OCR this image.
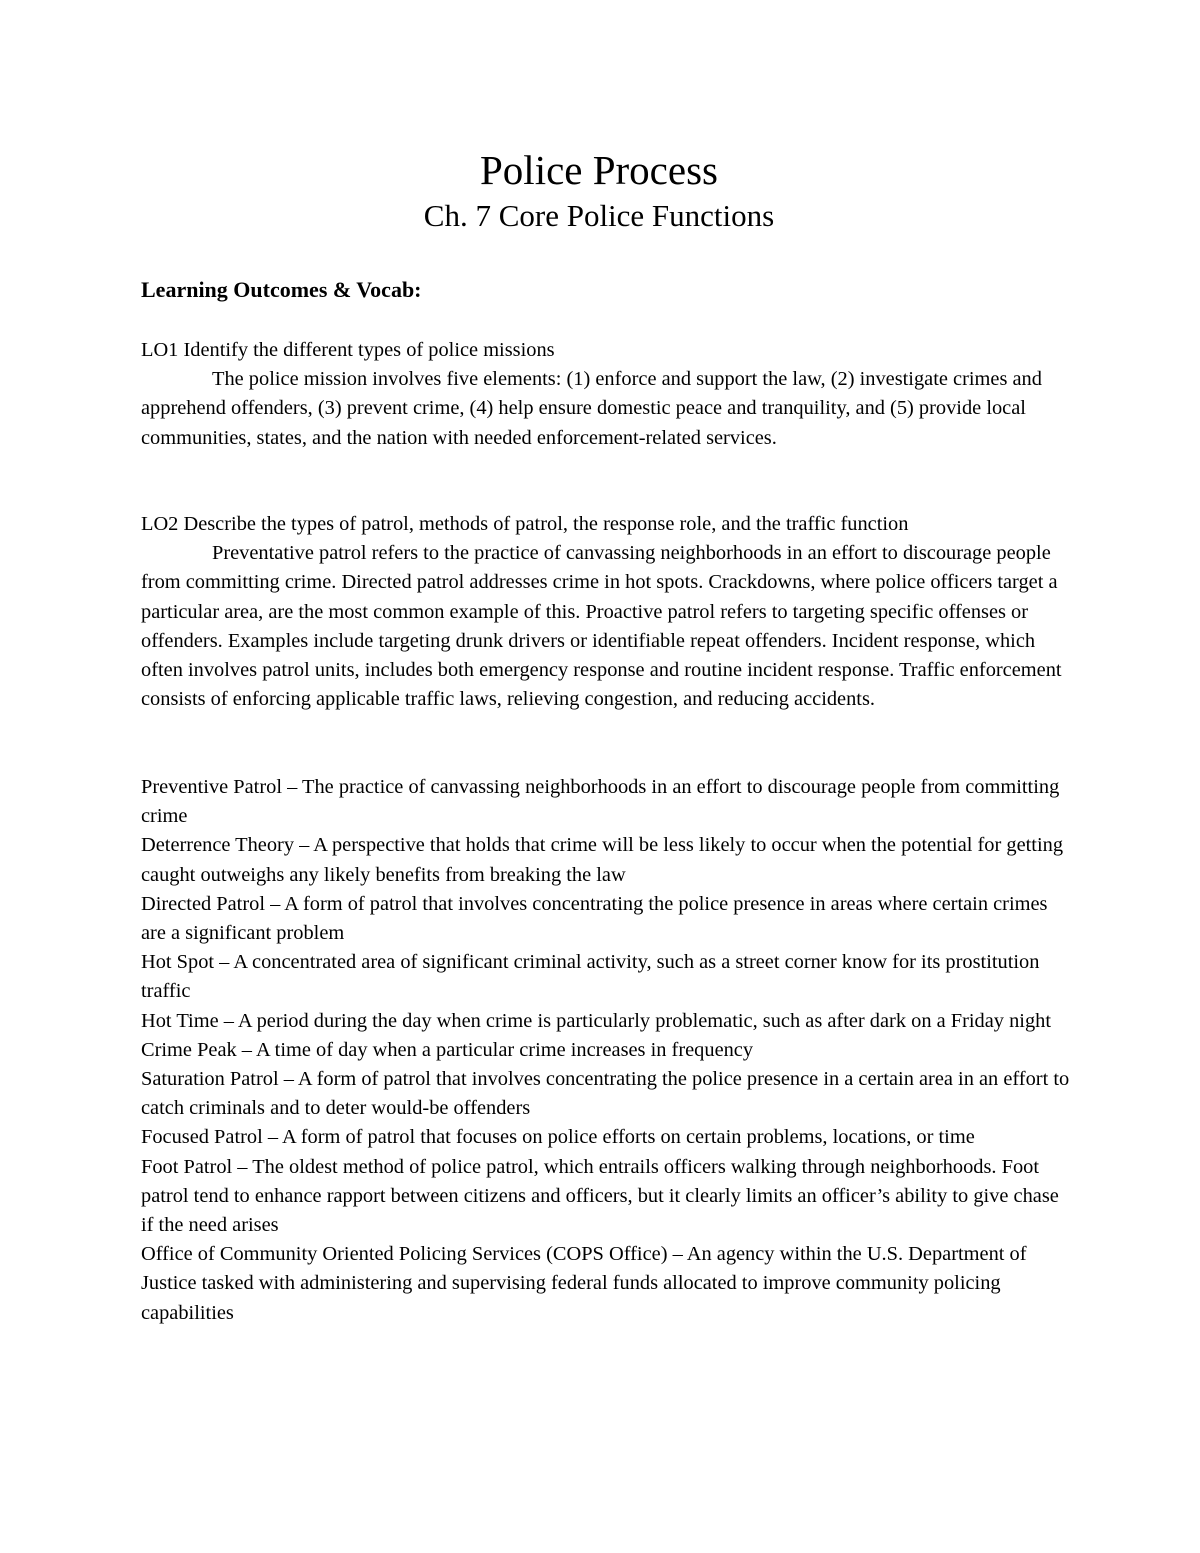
Police Process
Ch. 7 Core Police Functions
Learning Outcomes & Vocab:

LO1 Identify the different types of police missions

The police mission involves five elements: (1) enforce and support the law, (2) investigate crimes and apprehend offenders, (3) prevent crime, (4) help ensure domestic peace and tranquility, and (5) provide local communities, states, and the nation with needed enforcement-related services.

LO2 Describe the types of patrol, methods of patrol, the response role, and the traffic function

Preventative patrol refers to the practice of canvassing neighborhoods in an effort to discourage people from committing crime. Directed patrol addresses crime in hot spots. Crackdowns, where police officers target a particular area, are the most common example of this. Proactive patrol refers to targeting specific offenses or offenders. Examples include targeting drunk drivers or identifiable repeat offenders. Incident response, which often involves patrol units, includes both emergency response and routine incident response. Traffic enforcement consists of enforcing applicable traffic laws, relieving congestion, and reducing accidents.

Preventive Patrol – The practice of canvassing neighborhoods in an effort to discourage people from committing crime

Deterrence Theory – A perspective that holds that crime will be less likely to occur when the potential for getting caught outweighs any likely benefits from breaking the law

Directed Patrol – A form of patrol that involves concentrating the police presence in areas where certain crimes are a significant problem

Hot Spot – A concentrated area of significant criminal activity, such as a street corner know for its prostitution traffic

Hot Time – A period during the day when crime is particularly problematic, such as after dark on a Friday night

Crime Peak – A time of day when a particular crime increases in frequency

Saturation Patrol – A form of patrol that involves concentrating the police presence in a certain area in an effort to catch criminals and to deter would-be offenders

Focused Patrol – A form of patrol that focuses on police efforts on certain problems, locations, or time

Foot Patrol – The oldest method of police patrol, which entrails officers walking through neighborhoods. Foot patrol tend to enhance rapport between citizens and officers, but it clearly limits an officer’s ability to give chase if the need arises

Office of Community Oriented Policing Services (COPS Office) – An agency within the U.S. Department of Justice tasked with administering and supervising federal funds allocated to improve community policing capabilities
